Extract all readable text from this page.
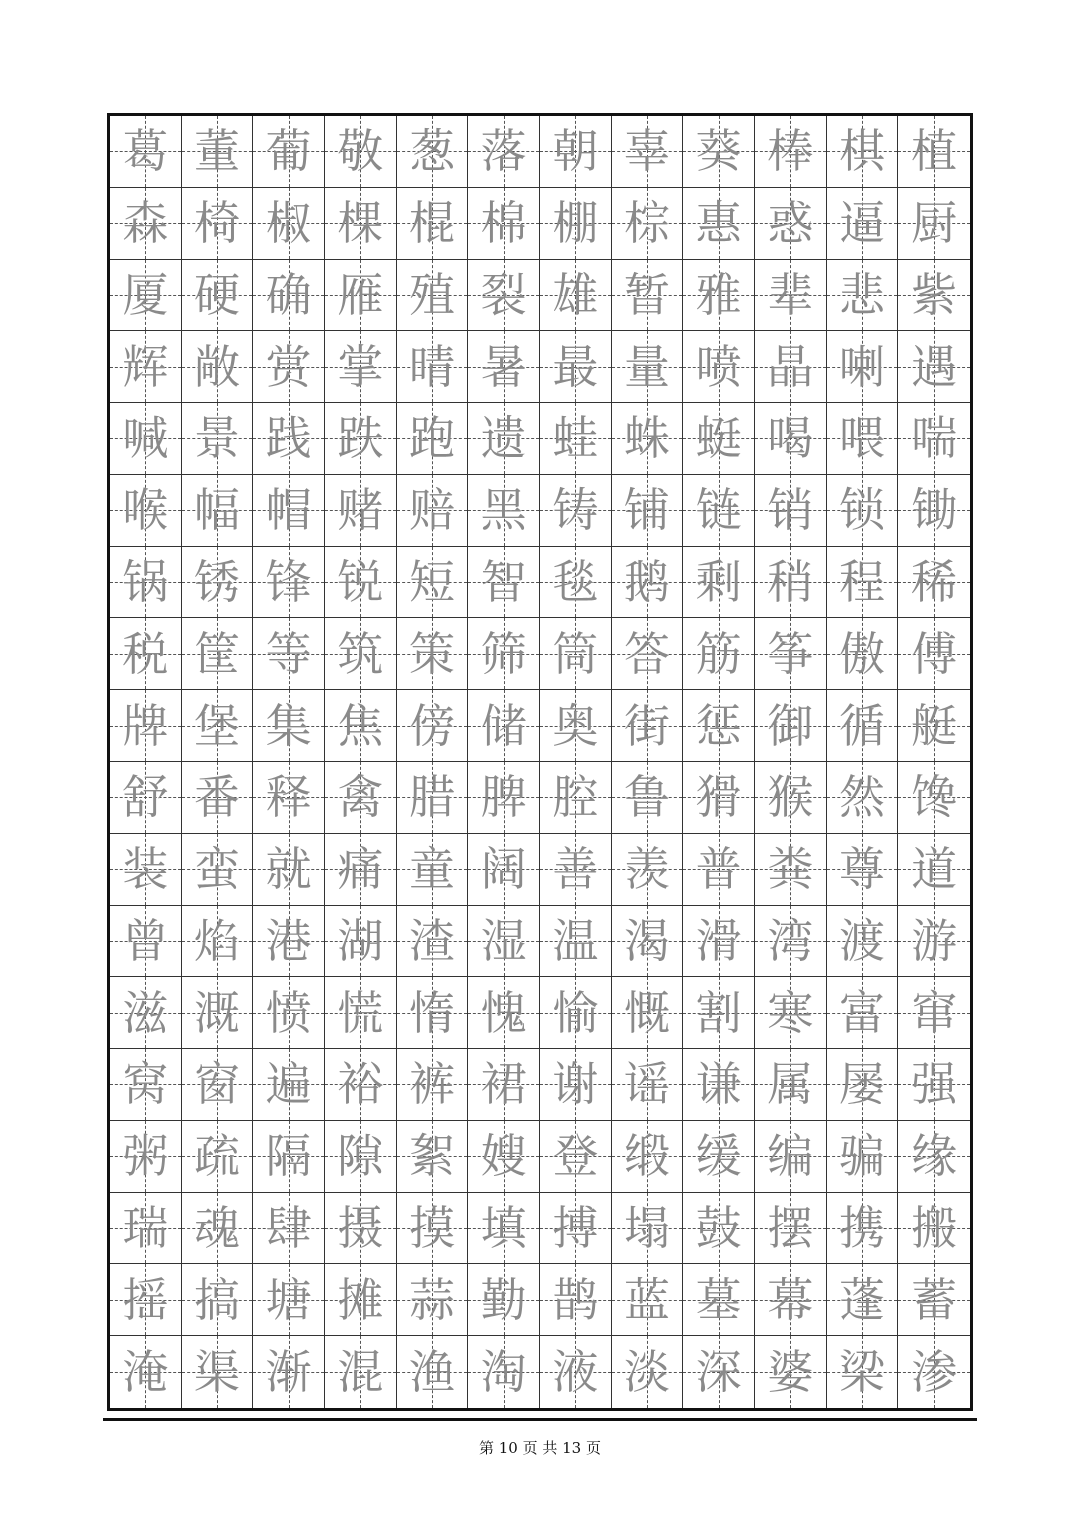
葛 董 葡 敬 葱 落 朝 辜 葵 棒 棋 植
森 椅 椒 棵 棍 棉 棚 棕 惠 惑 逼 厨
厦 硬 确 雁 殖 裂 雄 暂 雅 辈 悲 紫
辉 敞 赏 掌 晴 暑 最 量 喷 晶 喇 遇
喊 景 践 跌 跑 遗 蛙 蛛 蜓 喝 喂 喘
喉 幅 帽 赌 赔 黑 铸 铺 链 销 锁 锄
锅 锈 锋 锐 短 智 毯 鹅 剩 稍 程 稀
税 筐 等 筑 策 筛 筒 答 筋 筝 傲 傅
牌 堡 集 焦 傍 储 奥 街 惩 御 循 艇
舒 番 释 禽 腊 脾 腔 鲁 猾 猴 然 馋
装 蛮 就 痛 童 阔 善 羡 普 粪 尊 道
曾 焰 港 湖 渣 湿 温 渴 滑 湾 渡 游
滋 溉 愤 慌 惰 愧 愉 慨 割 寒 富 窜
窝 窗 遍 裕 裤 裙 谢 谣 谦 属 屡 强
粥 疏 隔 隙 絮 嫂 登 缎 缓 编 骗 缘
瑞 魂 肆 摄 摸 填 搏 塌 鼓 摆 携 搬
摇 搞 塘 摊 蒜 勤 鹊 蓝 墓 幕 蓬 蓄
淹 渠 渐 混 渔 淘 液 淡 深 婆 梁 渗
第 10 页 共 13 页
